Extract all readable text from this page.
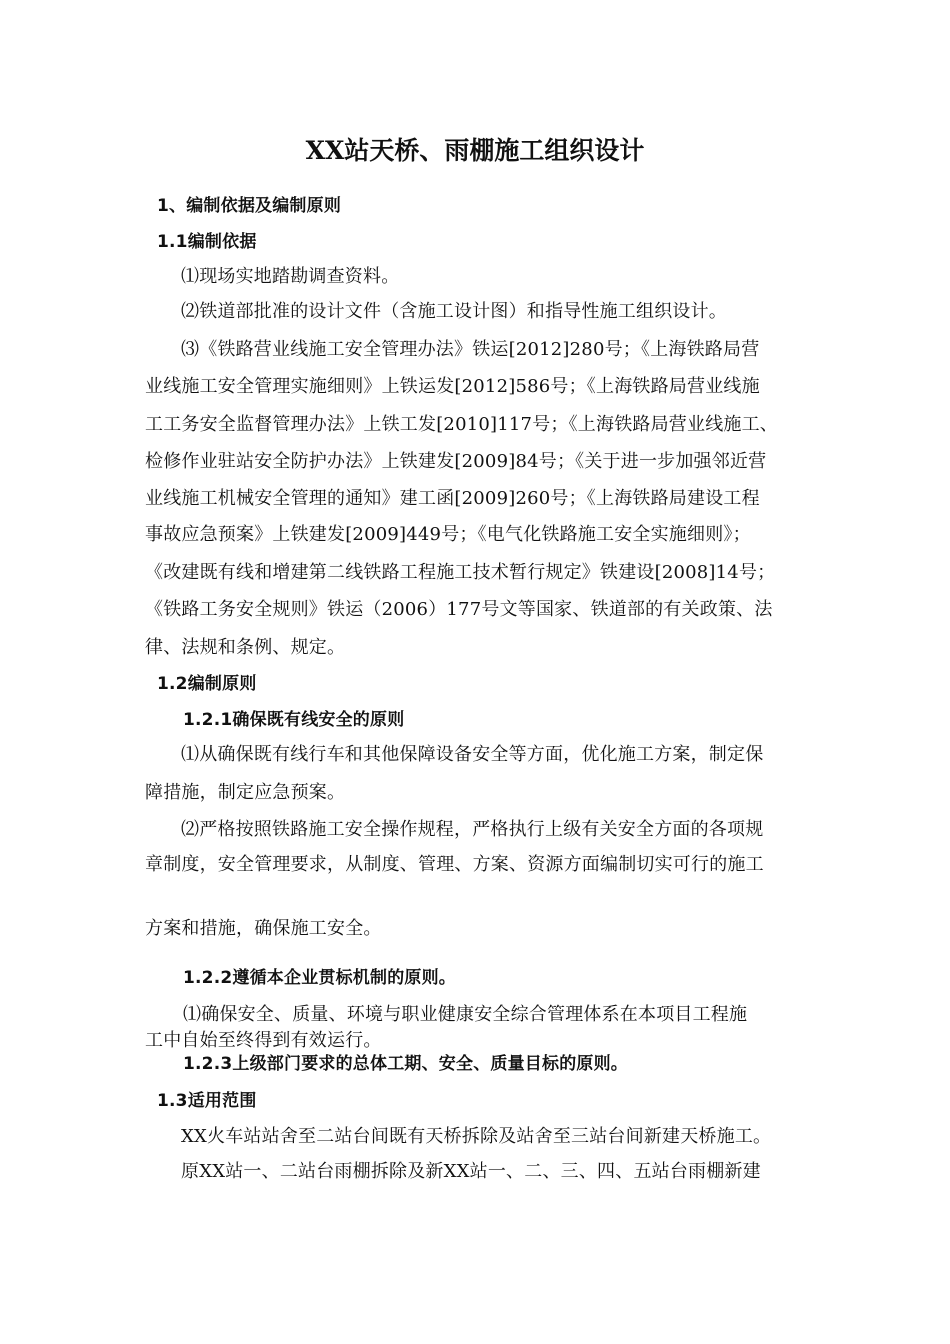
XX站天桥、雨棚施工组织设计
1、编制依据及编制原则
1.1编制依据
⑴现场实地踏勘调查资料。
⑵铁道部批准的设计文件（含施工设计图）和指导性施工组织设计。
⑶《铁路营业线施工安全管理办法》铁运[2012]280号；《上海铁路局营
业线施工安全管理实施细则》上铁运发[2012]586号；《上海铁路局营业线施
工工务安全监督管理办法》上铁工发[2010]117号；《上海铁路局营业线施工、
检修作业驻站安全防护办法》上铁建发[2009]84号；《关于进一步加强邻近营
业线施工机械安全管理的通知》建工函[2009]260号；《上海铁路局建设工程
事故应急预案》上铁建发[2009]449号；《电气化铁路施工安全实施细则》；
《改建既有线和增建第二线铁路工程施工技术暂行规定》铁建设[2008]14号；
《铁路工务安全规则》铁运（2006）177号文等国家、铁道部的有关政策、法
律、法规和条例、规定。
1.2编制原则
1.2.1确保既有线安全的原则
⑴从确保既有线行车和其他保障设备安全等方面，优化施工方案，制定保
障措施，制定应急预案。
⑵严格按照铁路施工安全操作规程，严格执行上级有关安全方面的各项规
章制度，安全管理要求，从制度、管理、方案、资源方面编制切实可行的施工
方案和措施，确保施工安全。
1.2.2遵循本企业贯标机制的原则。
⑴确保安全、质量、环境与职业健康安全综合管理体系在本项目工程施
工中自始至终得到有效运行。
1.2.3上级部门要求的总体工期、安全、质量目标的原则。
1.3适用范围
XX火车站站舍至二站台间既有天桥拆除及站舍至三站台间新建天桥施工。
原XX站一、二站台雨棚拆除及新XX站一、二、三、四、五站台雨棚新建
